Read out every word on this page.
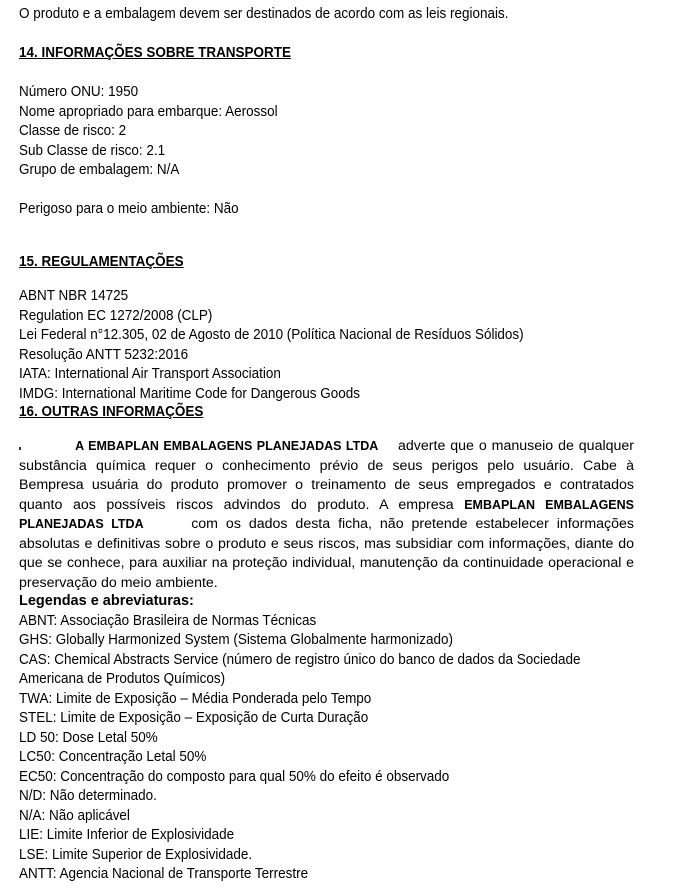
O produto e a embalagem devem ser destinados de acordo com as leis regionais.
14. INFORMAÇÕES SOBRE TRANSPORTE
Número ONU: 1950
Nome apropriado para embarque: Aerossol
Classe de risco: 2
Sub Classe de risco: 2.1
Grupo de embalagem: N/A
Perigoso para o meio ambiente: Não
15. REGULAMENTAÇÕES
ABNT NBR 14725
Regulation EC 1272/2008 (CLP)
Lei Federal n°12.305, 02 de Agosto de 2010 (Política Nacional de Resíduos Sólidos)
Resolução ANTT 5232:2016
IATA: International Air Transport Association
IMDG: International Maritime Code for Dangerous Goods
16. OUTRAS INFORMAÇÕES
A EMBAPLAN EMBALAGENS PLANEJADAS LTDA adverte que o manuseio de qualquer substância química requer o conhecimento prévio de seus perigos pelo usuário. Cabe à Bempresa usuária do produto promover o treinamento de seus empregados e contratados quanto aos possíveis riscos advindos do produto. A empresa EMBAPLAN EMBALAGENS PLANEJADAS LTDA	com os dados desta ficha, não pretende estabelecer informações absolutas e definitivas sobre o produto e seus riscos, mas subsidiar com informações, diante do que se conhece, para auxiliar na proteção individual, manutenção da continuidade operacional e preservação do meio ambiente.
Legendas e abreviaturas:
ABNT: Associação Brasileira de Normas Técnicas
GHS: Globally Harmonized System (Sistema Globalmente harmonizado)
CAS: Chemical Abstracts Service (número de registro único do banco de dados da Sociedade
Americana de Produtos Químicos)
TWA: Limite de Exposição – Média Ponderada pelo Tempo
STEL: Limite de Exposição – Exposição de Curta Duração
LD 50: Dose Letal 50%
LC50: Concentração Letal 50%
EC50: Concentração do composto para qual 50% do efeito é observado
N/D: Não determinado.
N/A: Não aplicável
LIE: Limite Inferior de Explosividade
LSE: Limite Superior de Explosividade.
ANTT: Agencia Nacional de Transporte Terrestre
